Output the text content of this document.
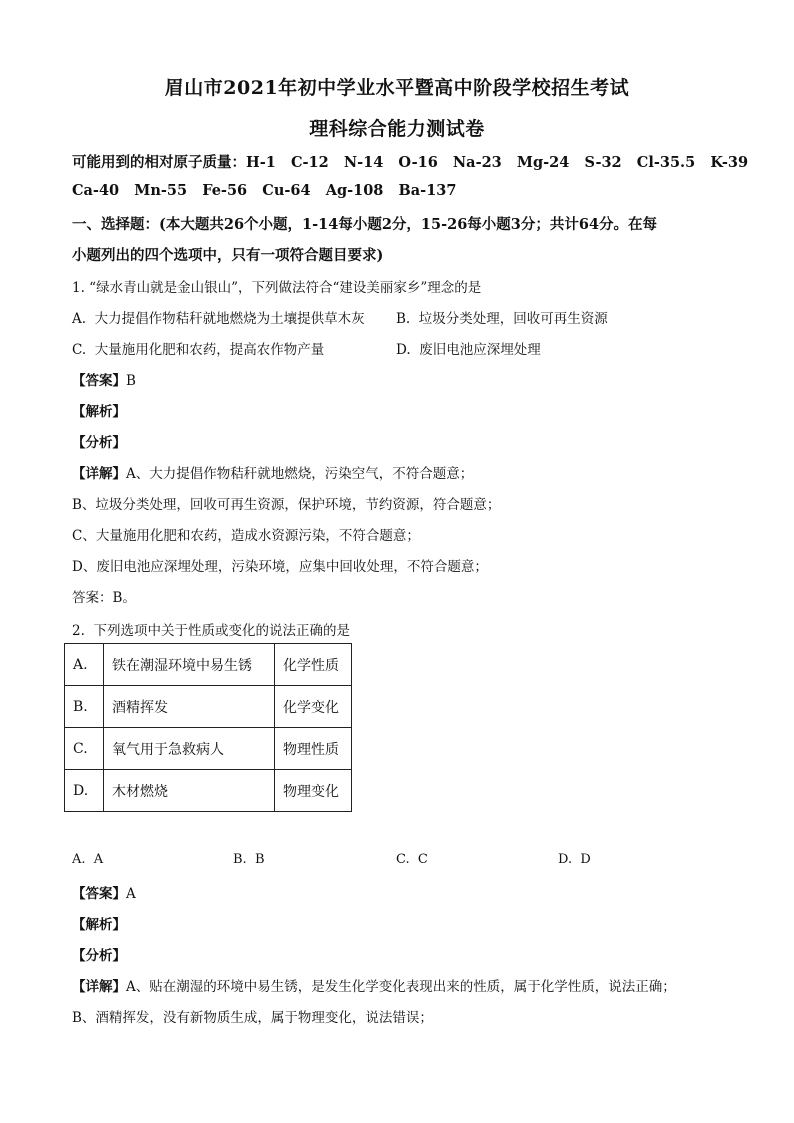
眉山市2021年初中学业水平暨高中阶段学校招生考试
理科综合能力测试卷
可能用到的相对原子质量：H-1   C-12   N-14   O-16   Na-23   Mg-24   S-32   Cl-35.5   K-39
Ca-40   Mn-55   Fe-56   Cu-64   Ag-108   Ba-137
一、选择题：(本大题共26个小题，1-14每小题2分，15-26每小题3分；共计64分。在每
小题列出的四个选项中，只有一项符合题目要求)
1. “绿水青山就是金山银山”，下列做法符合“建设美丽家乡”理念的是
A.  大力提倡作物秸秆就地燃烧为土壤提供草木灰 B.  垃圾分类处理，回收可再生资源
C.  大量施用化肥和农药，提高农作物产量	D.  废旧电池应深埋处理
【答案】B
【解析】
【分析】
【详解】A、大力提倡作物秸秆就地燃烧，污染空气，不符合题意；
B、垃圾分类处理，回收可再生资源，保护环境，节约资源，符合题意；
C、大量施用化肥和农药，造成水资源污染，不符合题意；
D、废旧电池应深埋处理，污染环境，应集中回收处理，不符合题意；
答案：B。
2.  下列选项中关于性质或变化的说法正确的是
A.	铁在潮湿环境中易生锈	化学性质
B.	酒精挥发	化学变化
C.	氧气用于急救病人	物理性质
D.	木材燃烧	物理变化
A.  A	B.  B	C.  C	D.  D
【答案】A
【解析】
【分析】
【详解】A、贴在潮湿的环境中易生锈，是发生化学变化表现出来的性质，属于化学性质，说法正确；
B、酒精挥发，没有新物质生成，属于物理变化，说法错误；
